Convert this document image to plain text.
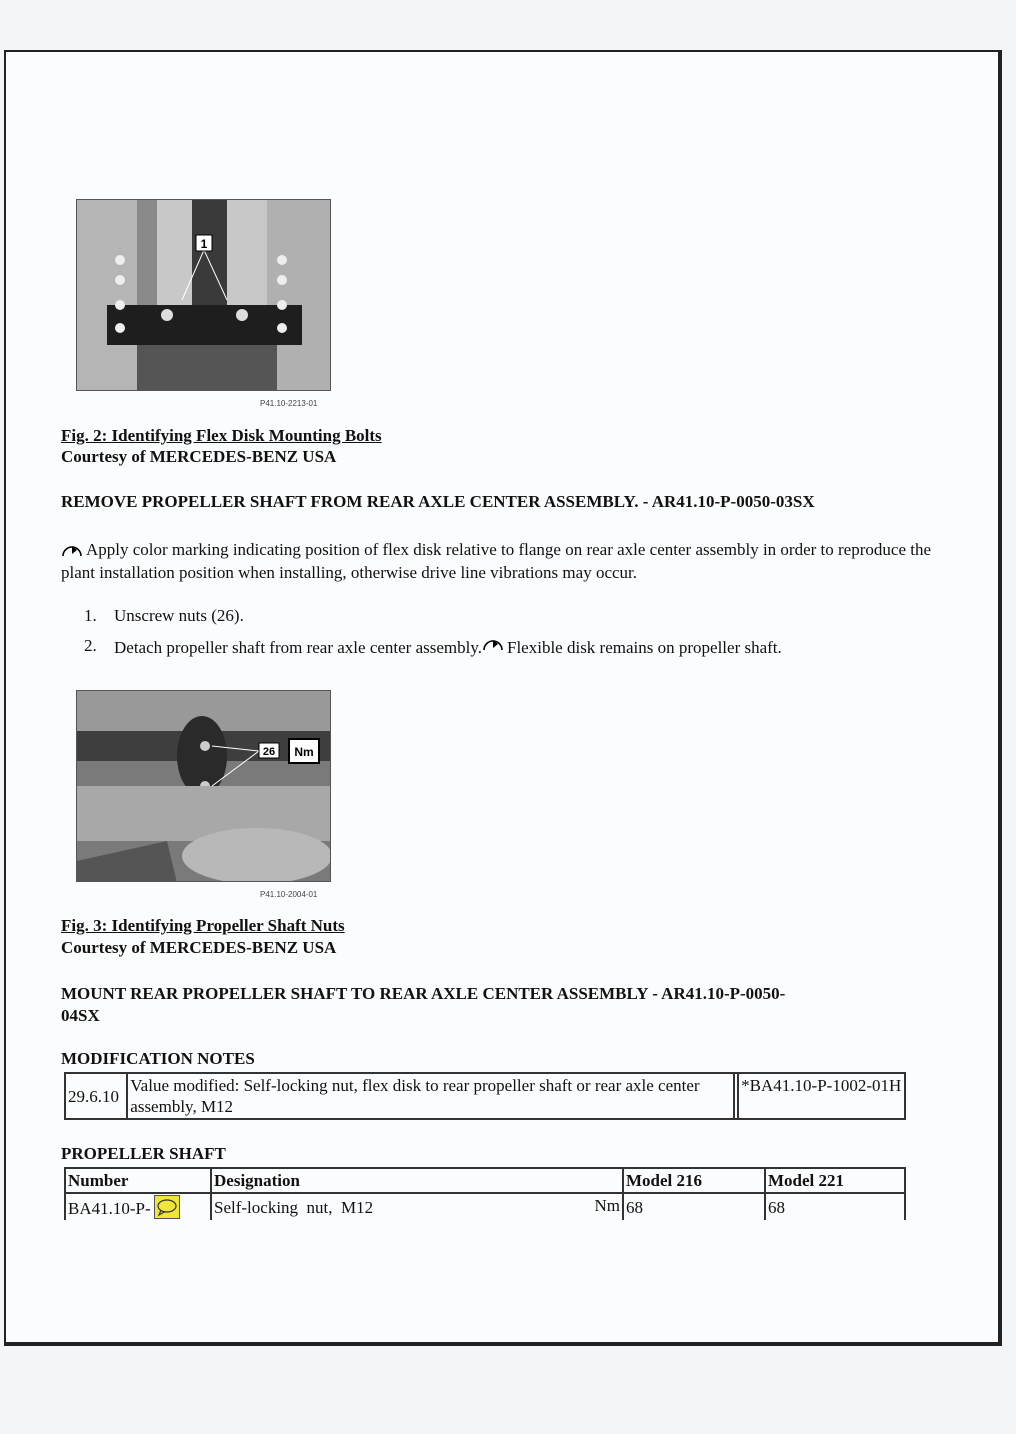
1
P41.10-2213-01
Fig. 2: Identifying Flex Disk Mounting Bolts
Courtesy of MERCEDES-BENZ USA
REMOVE PROPELLER SHAFT FROM REAR AXLE CENTER ASSEMBLY. - AR41.10-P-0050-03SX
Apply color marking indicating position of flex disk relative to flange on rear axle center assembly in order to reproduce the plant installation position when installing, otherwise drive line vibrations may occur.
1. Unscrew nuts (26).
2. Detach propeller shaft from rear axle center assembly. Flexible disk remains on propeller shaft.
26 Nm
P41.10-2004-01
Fig. 3: Identifying Propeller Shaft Nuts
Courtesy of MERCEDES-BENZ USA
MOUNT REAR PROPELLER SHAFT TO REAR AXLE CENTER ASSEMBLY - AR41.10-P-0050-
04SX
MODIFICATION NOTES
29.6.10	Value modified: Self-locking nut, flex disk to rear propeller shaft or rear axle center assembly, M12		*BA41.10-P-1002-01H
PROPELLER SHAFT
Number	Designation	Model 216	Model 221
BA41.10-P-	Self-locking  nut,  M12 Nm	68	68
